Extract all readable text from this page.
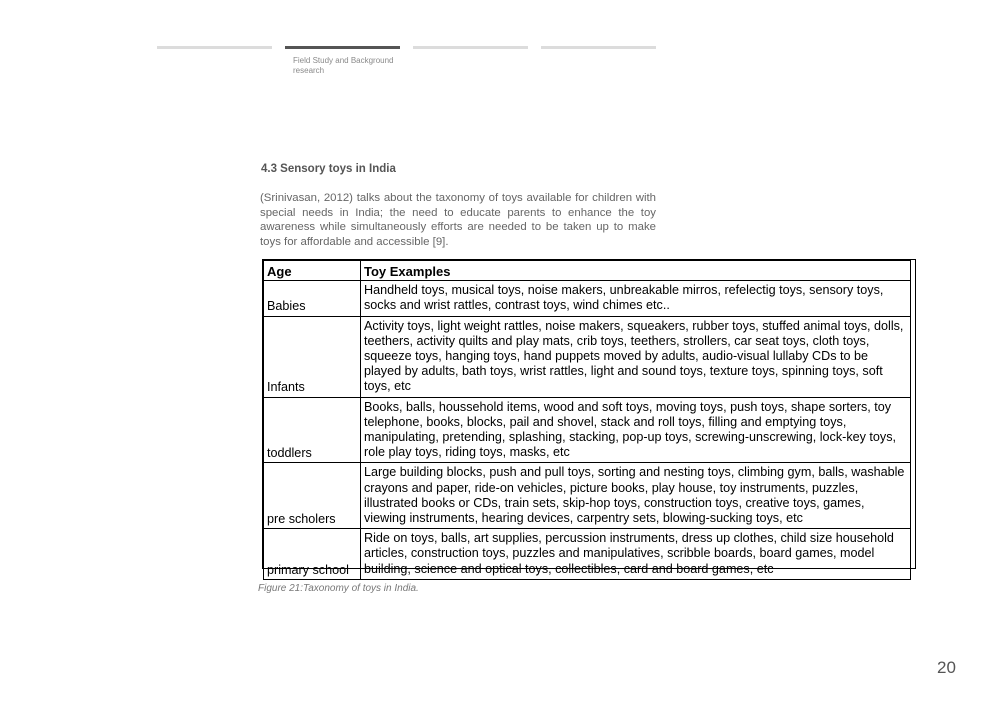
Field Study and Background research
4.3 Sensory toys in India
(Srinivasan, 2012) talks about the taxonomy of toys available for children with special needs in India; the need to educate parents to enhance the toy awareness while simultaneously efforts are needed to be taken up to make toys for affordable and accessible [9].
Age	Toy Examples
Babies	Handheld toys, musical toys, noise makers, unbreakable mirros, refelectig toys, sensory toys, socks and wrist rattles, contrast toys, wind chimes etc..
Infants	Activity toys, light weight rattles, noise makers, squeakers, rubber toys, stuffed animal toys, dolls, teethers, activity quilts and play mats, crib toys, teethers, strollers, car seat toys, cloth toys, squeeze toys, hanging toys, hand puppets moved by adults, audio-visual lullaby CDs to be played by adults, bath toys, wrist rattles, light and sound toys, texture toys, spinning toys, soft toys, etc
toddlers	Books, balls, houssehold items, wood and soft toys, moving toys, push toys, shape sorters, toy telephone, books, blocks, pail and shovel, stack and roll toys, filling and emptying toys, manipulating, pretending, splashing, stacking, pop-up toys, screwing-unscrewing, lock-key toys, role play toys, riding toys, masks, etc
pre scholers	Large building blocks, push and pull toys, sorting and nesting toys, climbing gym, balls, washable crayons and paper, ride-on vehicles, picture books, play house, toy instruments, puzzles, illustrated books or CDs, train sets, skip-hop toys, construction toys, creative toys, games, viewing instruments, hearing devices, carpentry sets, blowing-sucking toys, etc
primary school	Ride on toys, balls, art supplies, percussion instruments, dress up clothes, child size household articles, construction toys, puzzles and manipulatives, scribble boards, board games, model building, science and optical toys, collectibles, card and board games, etc
Figure 21:Taxonomy of toys in India.
20
